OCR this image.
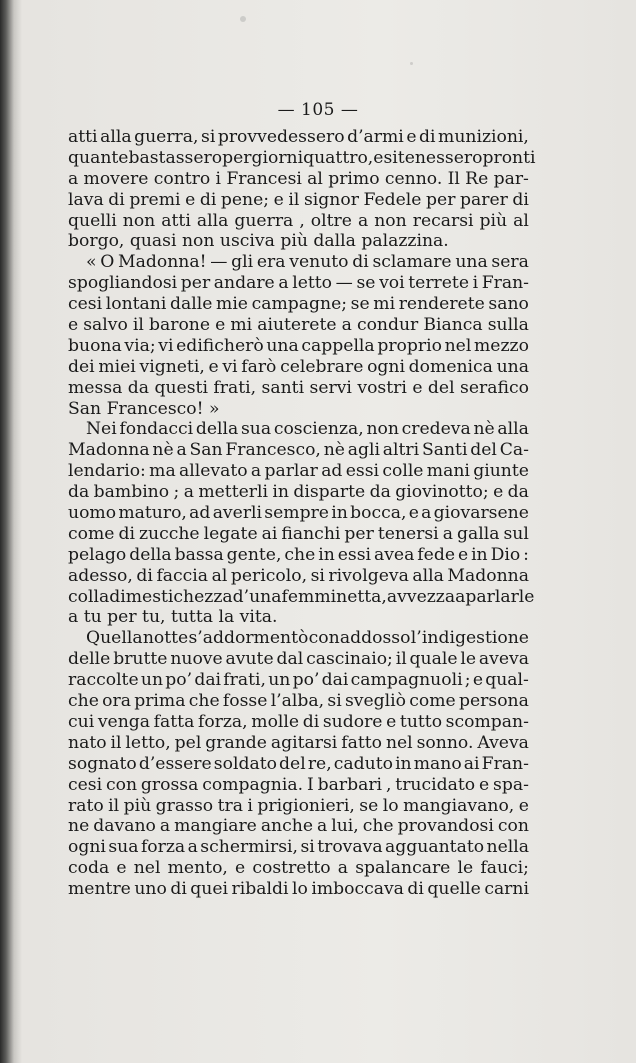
— 105 —
atti alla guerra, si provvedessero d’armi e di munizioni,
quante bastassero per giorni quattro, e si tenessero pronti
a movere contro i Francesi al primo cenno. Il Re par-
lava di premi e di pene; e il signor Fedele per parer di
quelli non atti alla guerra , oltre a non recarsi più al
borgo, quasi non usciva più dalla palazzina.
« O Madonna! — gli era venuto di sclamare una sera
spogliandosi per andare a letto — se voi terrete i Fran-
cesi lontani dalle mie campagne; se mi renderete sano
e salvo il barone e mi aiuterete a condur Bianca sulla
buona via; vi edificherò una cappella proprio nel mezzo
dei miei vigneti, e vi farò celebrare ogni domenica una
messa da questi frati, santi servi vostri e del serafico
San Francesco! »
Nei fondacci della sua coscienza, non credeva nè alla
Madonna nè a San Francesco, nè agli altri Santi del Ca-
lendario: ma allevato a parlar ad essi colle mani giunte
da bambino ; a metterli in disparte da giovinotto; e da
uomo maturo, ad averli sempre in bocca, e a giovarsene
come di zucche legate ai fianchi per tenersi a galla sul
pelago della bassa gente, che in essi avea fede e in Dio :
adesso, di faccia al pericolo, si rivolgeva alla Madonna
colla dimestichezza d’una femminetta, avvezza a parlarle
a tu per tu, tutta la vita.
Quella notte s’addormentò con addosso l’ indigestione
delle brutte nuove avute dal cascinaio; il quale le aveva
raccolte un po’ dai frati, un po’ dai campagnuoli ; e qual-
che ora prima che fosse l’alba, si svegliò come persona
cui venga fatta forza, molle di sudore e tutto scompan-
nato il letto, pel grande agitarsi fatto nel sonno. Aveva
sognato d’essere soldato del re, caduto in mano ai Fran-
cesi con grossa compagnia. I barbari , trucidato e spa-
rato il più grasso tra i prigionieri, se lo mangiavano, e
ne davano a mangiare anche a lui, che provandosi con
ogni sua forza a schermirsi, si trovava agguantato nella
coda e nel mento, e costretto a spalancare le fauci;
mentre uno di quei ribaldi lo imboccava di quelle carni
